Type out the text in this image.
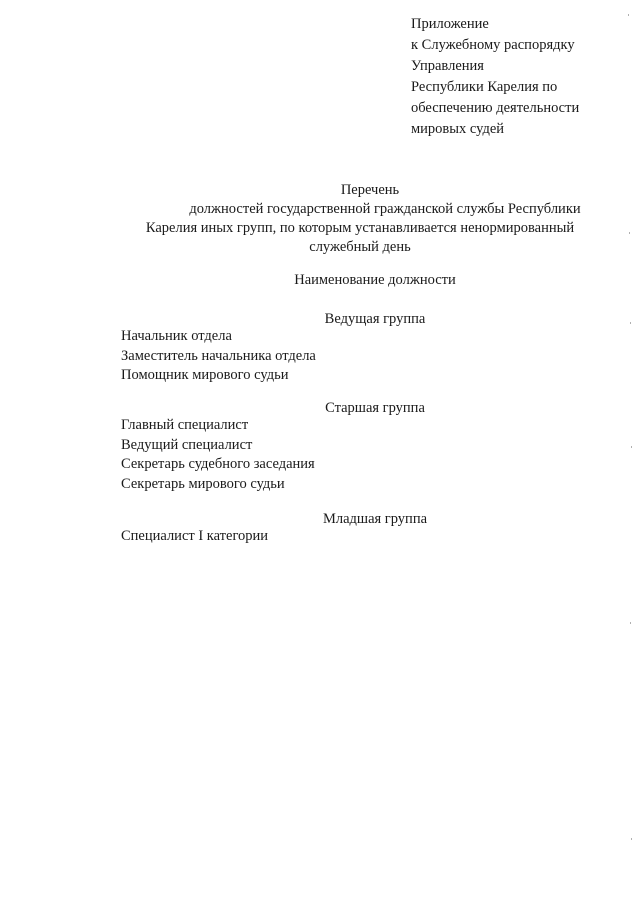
Приложение
к Служебному распорядку
Управления
Республики Карелия по
обеспечению деятельности
мировых судей
Перечень
должностей государственной гражданской службы Республики
Карелия иных групп, по которым устанавливается ненормированный
служебный день
Наименование должности
Ведущая группа
Начальник отдела
Заместитель начальника отдела
Помощник мирового судьи
Старшая группа
Главный специалист
Ведущий специалист
Секретарь судебного заседания
Секретарь мирового судьи
Младшая группа
Специалист I категории
